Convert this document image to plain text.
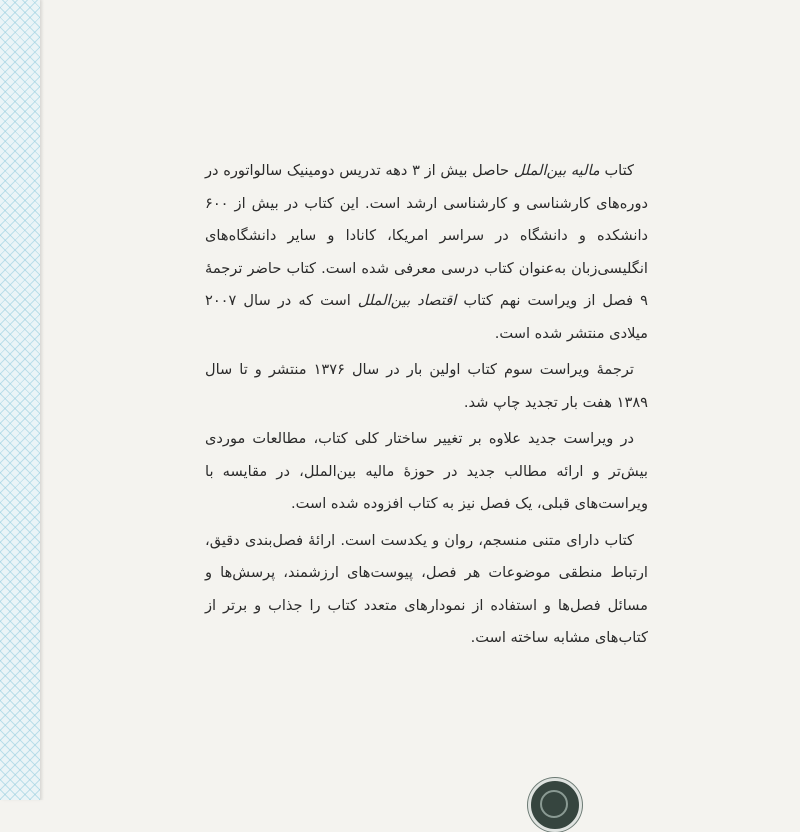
کتاب مالیه بین‌الملل حاصل بیش از ۳ دهه تدریس دومینیک سالواتوره در دوره‌های کارشناسی و کارشناسی ارشد است. این کتاب در بیش از ۶۰۰ دانشکده و دانشگاه در سراسر امریکا، کانادا و سایر دانشگاه‌های انگلیسی‌زبان به‌عنوان کتاب درسی معرفی شده است. کتاب حاضر ترجمهٔ ۹ فصل از ویراست نهم کتاب اقتصاد بین‌الملل است که در سال ۲۰۰۷ میلادی منتشر شده است.

ترجمهٔ ویراست سوم کتاب اولین بار در سال ۱۳۷۶ منتشر و تا سال ۱۳۸۹ هفت بار تجدید چاپ شد.

در ویراست جدید علاوه بر تغییر ساختار کلی کتاب، مطالعات موردی بیش‌تر و ارائه مطالب جدید در حوزهٔ مالیه بین‌الملل، در مقایسه با ویراست‌های قبلی، یک فصل نیز به کتاب افزوده شده است.

کتاب دارای متنی منسجم، روان و یکدست است. ارائهٔ فصل‌بندی دقیق، ارتباط منطقی موضوعات هر فصل، پیوست‌های ارزشمند، پرسش‌ها و مسائل فصل‌ها و استفاده از نمودارهای متعدد کتاب را جذاب و برتر از کتاب‌های مشابه ساخته است.
